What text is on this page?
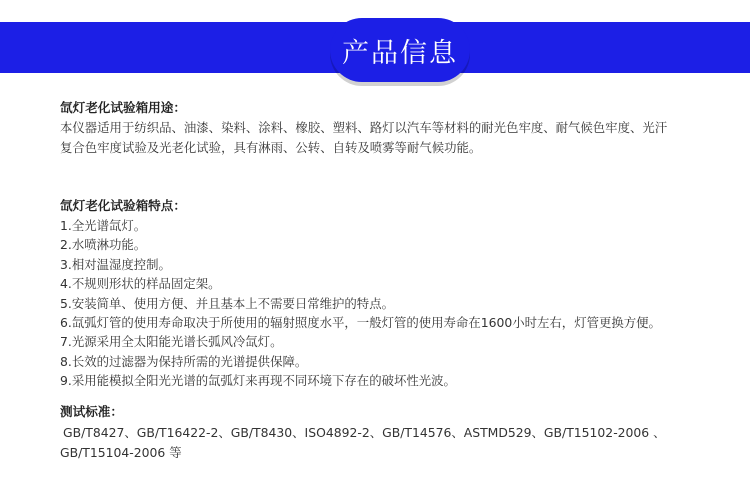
产品信息
氙灯老化试验箱用途：
本仪器适用于纺织品、油漆、染料、涂料、橡胶、塑料、路灯以汽车等材料的耐光色牢度、耐气候色牢度、光汗
复合色牢度试验及光老化试验，具有淋雨、公转、自转及喷雾等耐气候功能。
氙灯老化试验箱特点：
1.全光谱氙灯。
2.水喷淋功能。
3.相对温湿度控制。
4.不规则形状的样品固定架。
5.安装简单、使用方便、并且基本上不需要日常维护的特点。
6.氙弧灯管的使用寿命取决于所使用的辐射照度水平，一般灯管的使用寿命在1600小时左右，灯管更换方便。
7.光源采用全太阳能光谱长弧风冷氙灯。
8.长效的过滤器为保持所需的光谱提供保障。
9.采用能模拟全阳光光谱的氙弧灯来再现不同环境下存在的破坏性光波。
测试标准：
GB/T8427、GB/T16422-2、GB/T8430、ISO4892-2、GB/T14576、ASTMD529、GB/T15102-2006 、
GB/T15104-2006 等
